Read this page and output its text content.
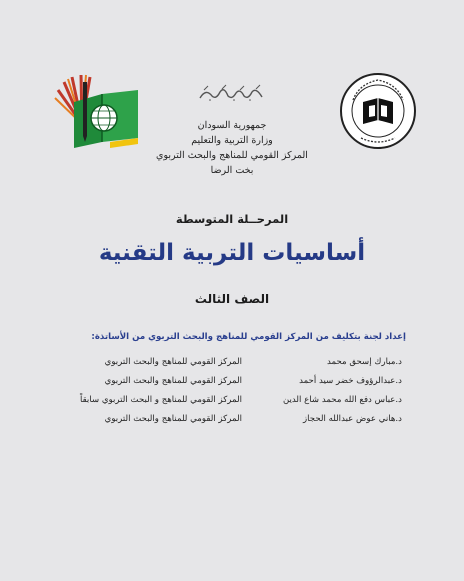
جمهورية السودان
وزارة التربية والتعليم
المركز القومي للمناهج والبحث التربوي
بخت الرضا
المرحــلة المتوسطة
أساسيات التربية التقنية
الصف الثالث
إعداد لجنة بتكليف من المركز القومي للمناهج والبحث التربوي من الأساتذة:
د.مبارك إسحق محمد
المركز القومي للمناهج والبحث التربوي
د.عبدالرؤوف خضر سيد أحمد
المركز القومي للمناهج والبحث التربوي
د.عباس دفع الله محمد شاع الدين
المركز القومي للمناهج و البحث التربوي سابقاً
د.هاني عوض عبدالله الحجاز
المركز القومي للمناهج والبحث التربوي
